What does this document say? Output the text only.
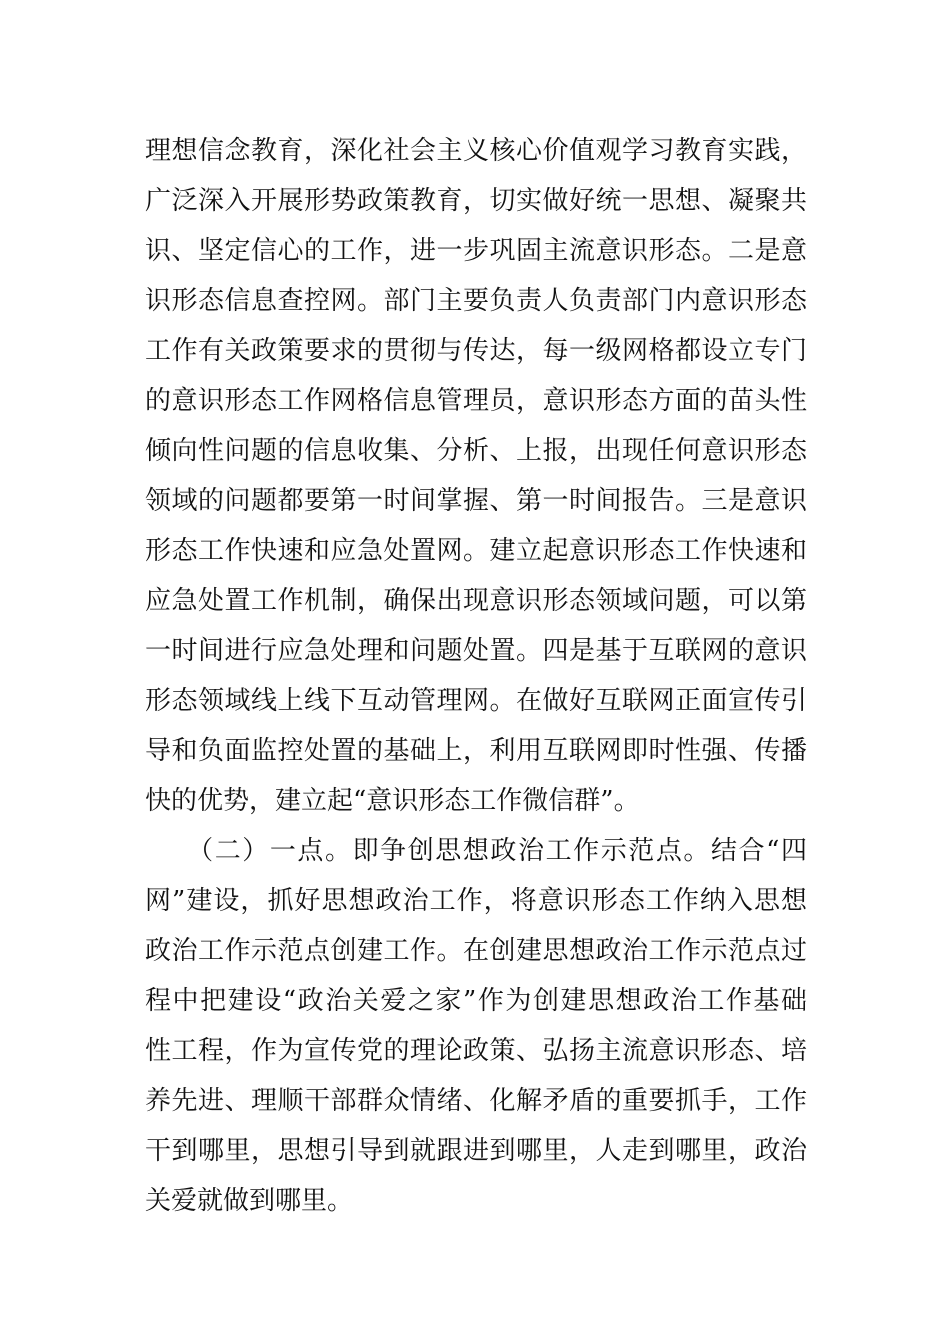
理想信念教育，深化社会主义核心价值观学习教育实践，
广泛深入开展形势政策教育，切实做好统一思想、凝聚共
识、坚定信心的工作，进一步巩固主流意识形态。二是意
识形态信息查控网。部门主要负责人负责部门内意识形态
工作有关政策要求的贯彻与传达，每一级网格都设立专门
的意识形态工作网格信息管理员，意识形态方面的苗头性
倾向性问题的信息收集、分析、上报，出现任何意识形态
领域的问题都要第一时间掌握、第一时间报告。三是意识
形态工作快速和应急处置网。建立起意识形态工作快速和
应急处置工作机制，确保出现意识形态领域问题，可以第
一时间进行应急处理和问题处置。四是基于互联网的意识
形态领域线上线下互动管理网。在做好互联网正面宣传引
导和负面监控处置的基础上，利用互联网即时性强、传播
快的优势，建立起“意识形态工作微信群”。
　　（二）一点。即争创思想政治工作示范点。结合“四
网”建设，抓好思想政治工作，将意识形态工作纳入思想
政治工作示范点创建工作。在创建思想政治工作示范点过
程中把建设“政治关爱之家”作为创建思想政治工作基础
性工程，作为宣传党的理论政策、弘扬主流意识形态、培
养先进、理顺干部群众情绪、化解矛盾的重要抓手，工作
干到哪里，思想引导到就跟进到哪里，人走到哪里，政治
关爱就做到哪里。
